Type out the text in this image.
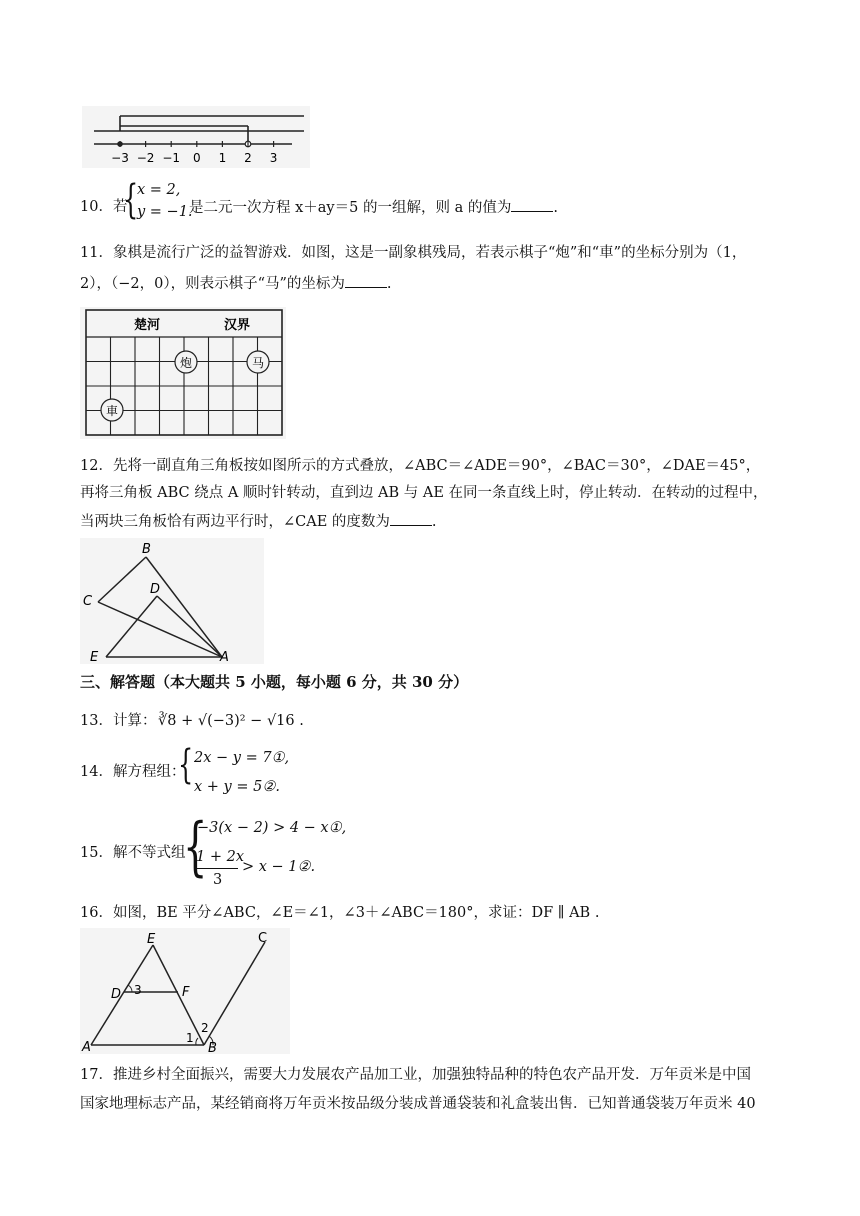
−3 −2 −1 0 1 2 3
10．若
{
x = 2,
y = −1.
是二元一次方程 x＋ay＝5 的一组解，则 a 的值为	.
11．象棋是流行广泛的益智游戏．如图，这是一副象棋残局，若表示棋子“炮”和“車”的坐标分别为（1，
2），（−2，0），则表示棋子“马”的坐标为	.
楚河	汉界
炮	马
車
12．先将一副直角三角板按如图所示的方式叠放，∠ABC＝∠ADE＝90°，∠BAC＝30°，∠DAE＝45°，
再将三角板 ABC 绕点 A 顺时针转动，直到边 AB 与 AE 在同一条直线上时，停止转动．在转动的过程中，
当两块三角板恰有两边平行时，∠CAE 的度数为	.
B
C
D
E	A
三、解答题（本大题共 5 小题，每小题 6 分，共 30 分）
13．计算： ∛8 + √(−3)² − √16 .
14．解方程组：
{ 2x − y = 7①,
x + y = 5②.
15．解不等式组
{
−3(x − 2) > 4 − x①,
1 + 2x
3
> x − 1②.
16．如图，BE 平分∠ABC，∠E＝∠1，∠3＋∠ABC＝180°，求证：DF ∥ AB .
E	C
D	F
A	B
3
1
2
17．推进乡村全面振兴，需要大力发展农产品加工业，加强独特品种的特色农产品开发．万年贡米是中国
国家地理标志产品，某经销商将万年贡米按品级分装成普通袋装和礼盒装出售．已知普通袋装万年贡米 40
